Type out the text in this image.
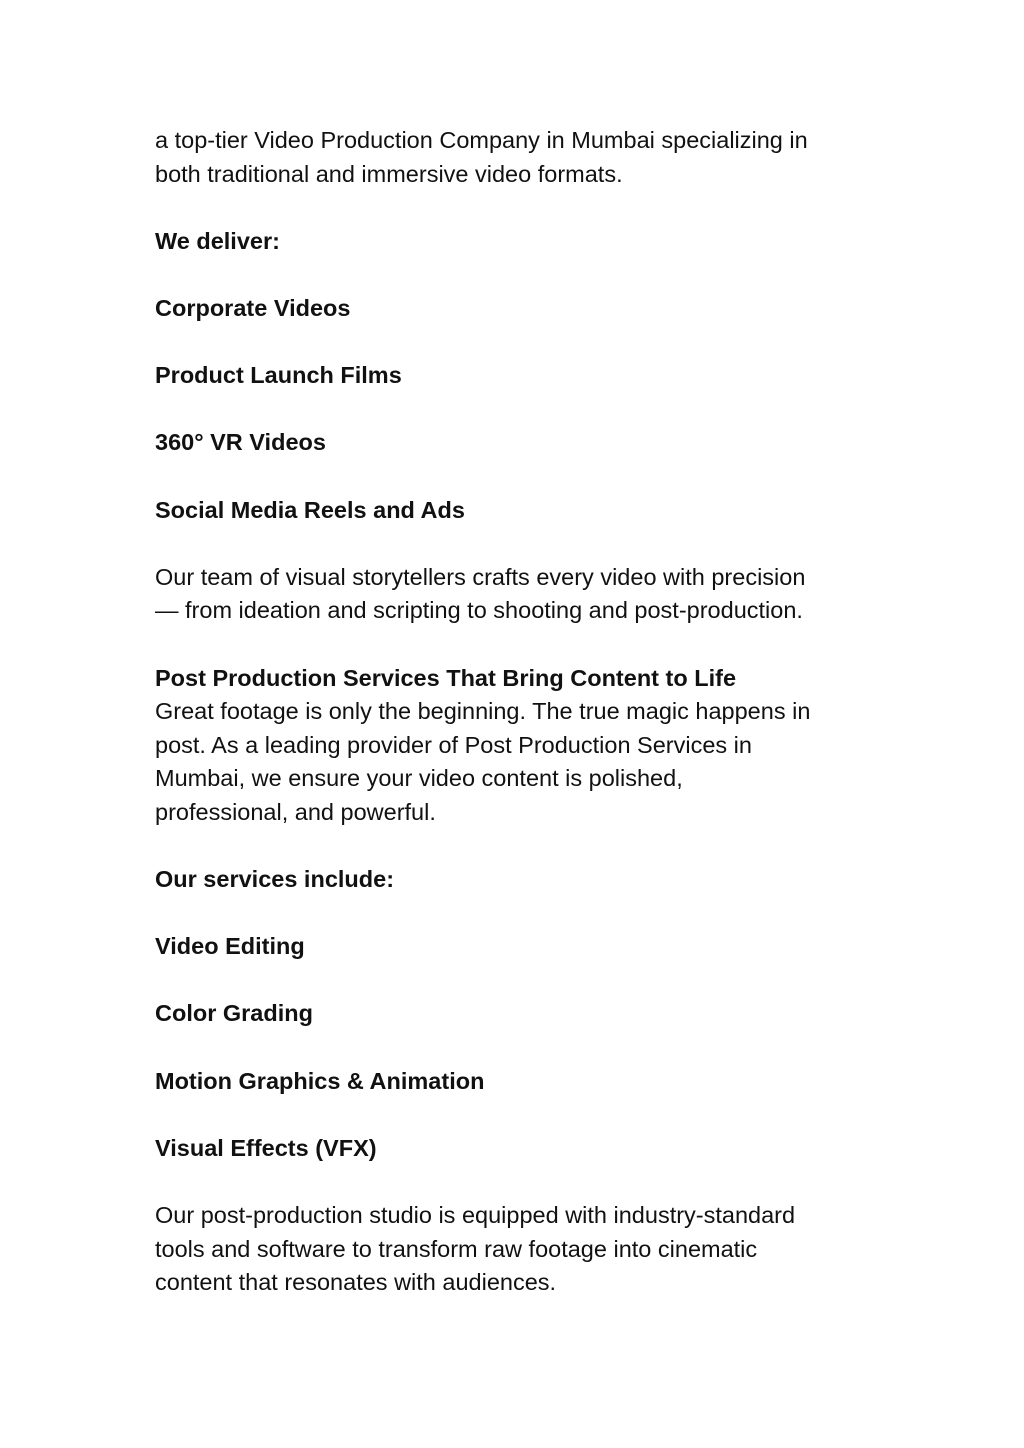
a top-tier Video Production Company in Mumbai specializing in

both traditional and immersive video formats.

We deliver:

Corporate Videos

Product Launch Films

360° VR Videos

Social Media Reels and Ads

Our team of visual storytellers crafts every video with precision

— from ideation and scripting to shooting and post-production.

Post Production Services That Bring Content to Life

Great footage is only the beginning. The true magic happens in

post. As a leading provider of Post Production Services in

Mumbai, we ensure your video content is polished,

professional, and powerful.

Our services include:

Video Editing

Color Grading

Motion Graphics & Animation

Visual Effects (VFX)

Our post-production studio is equipped with industry-standard

tools and software to transform raw footage into cinematic

content that resonates with audiences.
